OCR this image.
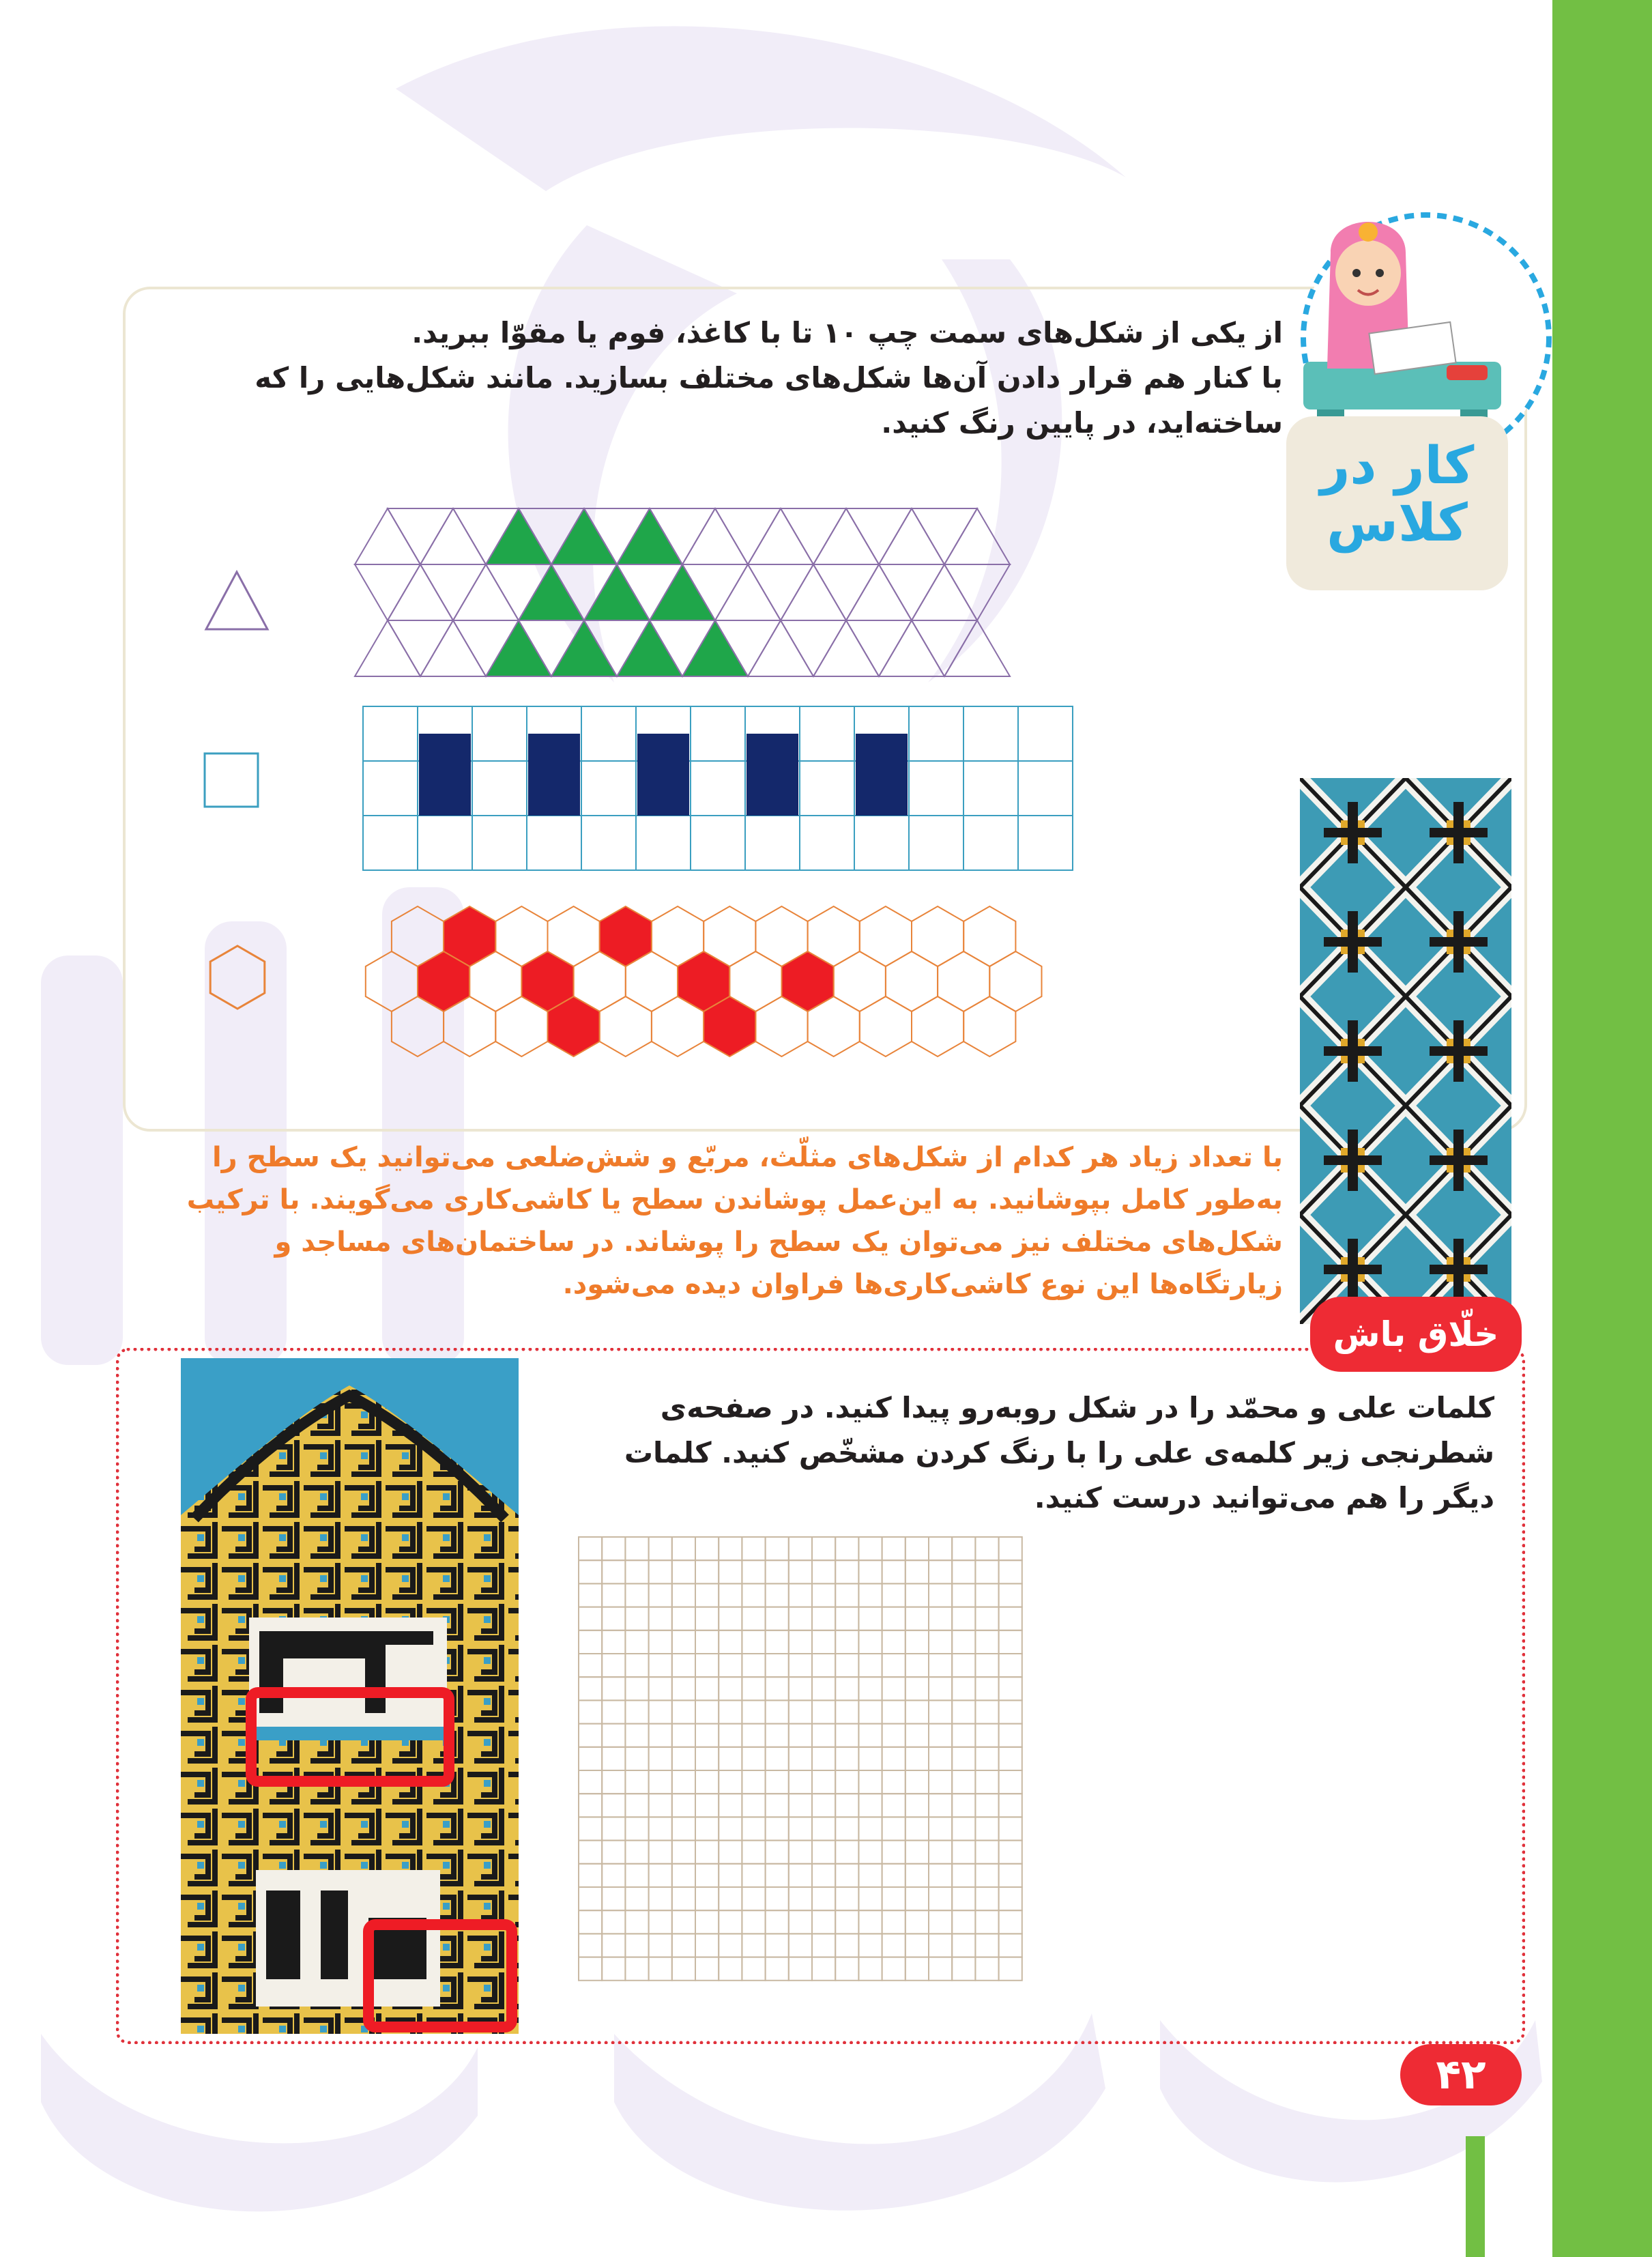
کار در کلاس
از یکی از شکل‌های سمت چپ ۱۰ تا با کاغذ، فوم یا مقوّا ببرید.
با کنار هم قرار دادن آن‌ها شکل‌های مختلف بسازید. مانند شکل‌هایی را که ساخته‌اید، در پایین رنگ کنید.
با تعداد زیاد هر کدام از شکل‌های مثلّث، مربّع و شش‌ضلعی می‌توانید یک سطح را به‌طور کامل بپوشانید. به این‌عمل پوشاندن سطح یا کاشی‌کاری می‌گویند. با ترکیب شکل‌های مختلف نیز می‌توان یک سطح را پوشاند. در ساختمان‌های مساجد و زیارتگاه‌ها این نوع کاشی‌کاری‌ها فراوان دیده می‌شود.
خلّاق باش
کلمات علی و محمّد را در شکل روبه‌رو پیدا کنید. در صفحه‌ی شطرنجی زیر کلمه‌ی علی را با رنگ کردن مشخّص کنید. کلمات دیگر را هم می‌توانید درست کنید.
۴۲
